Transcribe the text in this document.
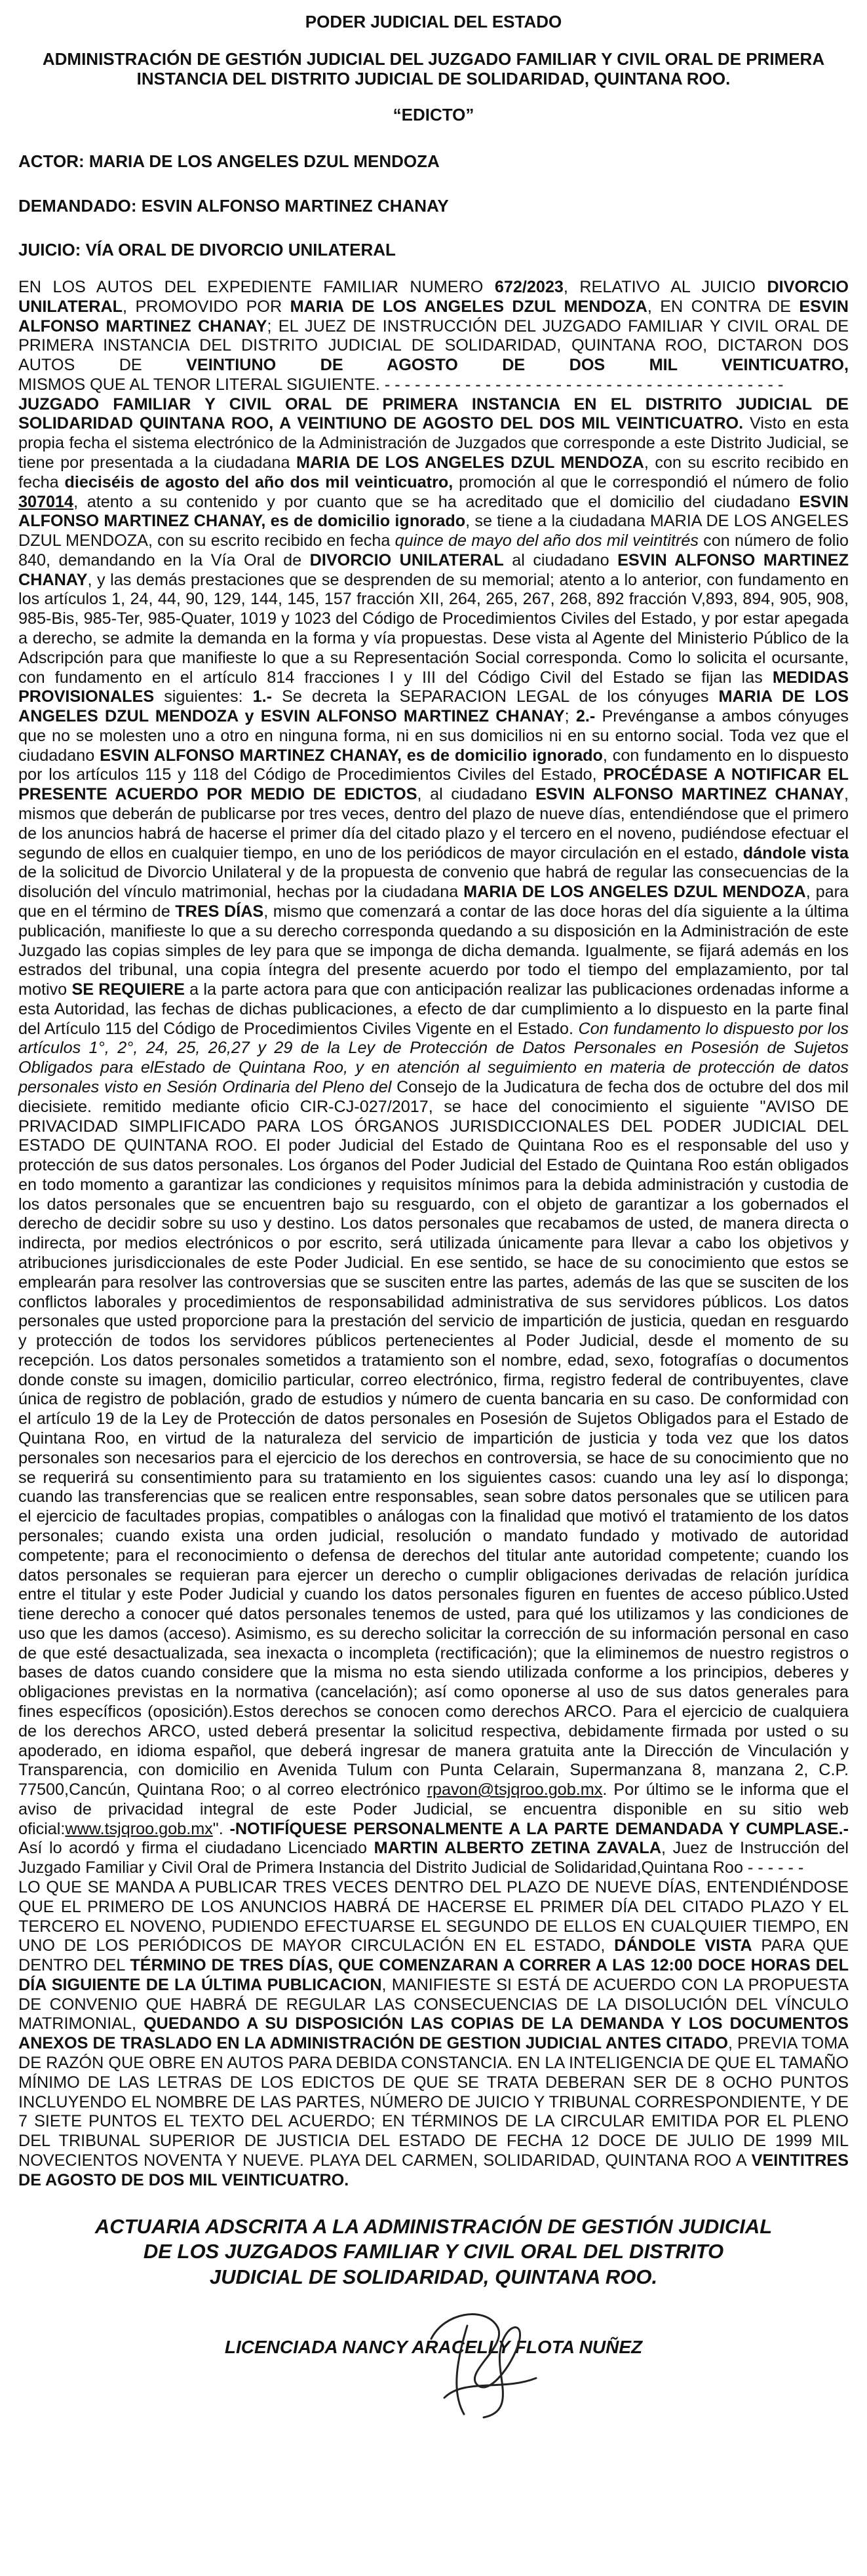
PODER JUDICIAL DEL ESTADO

ADMINISTRACIÓN DE GESTIÓN JUDICIAL DEL JUZGADO FAMILIAR Y CIVIL ORAL DE PRIMERA INSTANCIA DEL DISTRITO JUDICIAL DE SOLIDARIDAD, QUINTANA ROO.

“EDICTO”

ACTOR: MARIA DE LOS ANGELES DZUL MENDOZA

DEMANDADO: ESVIN ALFONSO MARTINEZ CHANAY

JUICIO: VÍA ORAL DE DIVORCIO UNILATERAL

EN LOS AUTOS DEL EXPEDIENTE FAMILIAR NUMERO 672/2023, RELATIVO AL JUICIO DIVORCIO UNILATERAL, PROMOVIDO POR MARIA DE LOS ANGELES DZUL MENDOZA, EN CONTRA DE ESVIN ALFONSO MARTINEZ CHANAY; EL JUEZ DE INSTRUCCIÓN DEL JUZGADO FAMILIAR Y CIVIL ORAL DE PRIMERA INSTANCIA DEL DISTRITO JUDICIAL DE SOLIDARIDAD, QUINTANA ROO, DICTARON DOS AUTOS DE VEINTIUNO DE AGOSTO DE DOS MIL VEINTICUATRO, MISMOS QUE AL TENOR LITERAL SIGUIENTE. - - - - - - - - - - - - - - - - - - - - - - - - - - - - - - - - - - - - - - - -

JUZGADO FAMILIAR Y CIVIL ORAL DE PRIMERA INSTANCIA EN EL DISTRITO JUDICIAL DE SOLIDARIDAD QUINTANA ROO, A VEINTIUNO DE AGOSTO DEL DOS MIL VEINTICUATRO. Visto en esta propia fecha el sistema electrónico de la Administración de Juzgados que corresponde a este Distrito Judicial, se tiene por presentada a la ciudadana MARIA DE LOS ANGELES DZUL MENDOZA, con su escrito recibido en fecha dieciséis de agosto del año dos mil veinticuatro, promoción al que le correspondió el número de folio 307014, atento a su contenido y por cuanto que se ha acreditado que el domicilio del ciudadano ESVIN ALFONSO MARTINEZ CHANAY, es de domicilio ignorado, se tiene a la ciudadana MARIA DE LOS ANGELES DZUL MENDOZA, con su escrito recibido en fecha quince de mayo del año dos mil veintitrés con número de folio 840, demandando en la Vía Oral de DIVORCIO UNILATERAL al ciudadano ESVIN ALFONSO MARTINEZ CHANAY, y las demás prestaciones que se desprenden de su memorial; atento a lo anterior, con fundamento en los artículos 1, 24, 44, 90, 129, 144, 145, 157 fracción XII, 264, 265, 267, 268, 892 fracción V,893, 894, 905, 908, 985-Bis, 985-Ter, 985-Quater, 1019 y 1023 del Código de Procedimientos Civiles del Estado, y por estar apegada a derecho, se admite la demanda en la forma y vía propuestas. Dese vista al Agente del Ministerio Público de la Adscripción para que manifieste lo que a su Representación Social corresponda. Como lo solicita el ocursante, con fundamento en el artículo 814 fracciones I y III del Código Civil del Estado se fijan las MEDIDAS PROVISIONALES siguientes: 1.- Se decreta la SEPARACION LEGAL de los cónyuges MARIA DE LOS ANGELES DZUL MENDOZA y ESVIN ALFONSO MARTINEZ CHANAY; 2.- Prevénganse a ambos cónyuges que no se molesten uno a otro en ninguna forma, ni en sus domicilios ni en su entorno social. Toda vez que el ciudadano ESVIN ALFONSO MARTINEZ CHANAY, es de domicilio ignorado, con fundamento en lo dispuesto por los artículos 115 y 118 del Código de Procedimientos Civiles del Estado, PROCÉDASE A NOTIFICAR EL PRESENTE ACUERDO POR MEDIO DE EDICTOS, al ciudadano ESVIN ALFONSO MARTINEZ CHANAY, mismos que deberán de publicarse por tres veces, dentro del plazo de nueve días, entendiéndose que el primero de los anuncios habrá de hacerse el primer día del citado plazo y el tercero en el noveno, pudiéndose efectuar el segundo de ellos en cualquier tiempo, en uno de los periódicos de mayor circulación en el estado, dándole vista de la solicitud de Divorcio Unilateral y de la propuesta de convenio que habrá de regular las consecuencias de la disolución del vínculo matrimonial, hechas por la ciudadana MARIA DE LOS ANGELES DZUL MENDOZA, para que en el término de TRES DÍAS, mismo que comenzará a contar de las doce horas del día siguiente a la última publicación, manifieste lo que a su derecho corresponda quedando a su disposición en la Administración de este Juzgado las copias simples de ley para que se imponga de dicha demanda. Igualmente, se fijará además en los estrados del tribunal, una copia íntegra del presente acuerdo por todo el tiempo del emplazamiento, por tal motivo SE REQUIERE a la parte actora para que con anticipación realizar las publicaciones ordenadas informe a esta Autoridad, las fechas de dichas publicaciones, a efecto de dar cumplimiento a lo dispuesto en la parte final del Artículo 115 del Código de Procedimientos Civiles Vigente en el Estado. Con fundamento lo dispuesto por los artículos 1°, 2°, 24, 25, 26,27 y 29 de la Ley de Protección de Datos Personales en Posesión de Sujetos Obligados para elEstado de Quintana Roo, y en atención al seguimiento en materia de protección de datos personales visto en Sesión Ordinaria del Pleno del Consejo de la Judicatura de fecha dos de octubre del dos mil diecisiete. remitido mediante oficio CIR-CJ-027/2017, se hace del conocimiento el siguiente "AVISO DE PRIVACIDAD SIMPLIFICADO PARA LOS ÓRGANOS JURISDICCIONALES DEL PODER JUDICIAL DEL ESTADO DE QUINTANA ROO. El poder Judicial del Estado de Quintana Roo es el responsable del uso y protección de sus datos personales. Los órganos del Poder Judicial del Estado de Quintana Roo están obligados en todo momento a garantizar las condiciones y requisitos mínimos para la debida administración y custodia de los datos personales que se encuentren bajo su resguardo, con el objeto de garantizar a los gobernados el derecho de decidir sobre su uso y destino. Los datos personales que recabamos de usted, de manera directa o indirecta, por medios electrónicos o por escrito, será utilizada únicamente para llevar a cabo los objetivos y atribuciones jurisdiccionales de este Poder Judicial. En ese sentido, se hace de su conocimiento que estos se emplearán para resolver las controversias que se susciten entre las partes, además de las que se susciten de los conflictos laborales y procedimientos de responsabilidad administrativa de sus servidores públicos. Los datos personales que usted proporcione para la prestación del servicio de impartición de justicia, quedan en resguardo y protección de todos los servidores públicos pertenecientes al Poder Judicial, desde el momento de su recepción. Los datos personales sometidos a tratamiento son el nombre, edad, sexo, fotografías o documentos donde conste su imagen, domicilio particular, correo electrónico, firma, registro federal de contribuyentes, clave única de registro de población, grado de estudios y número de cuenta bancaria en su caso. De conformidad con el artículo 19 de la Ley de Protección de datos personales en Posesión de Sujetos Obligados para el Estado de Quintana Roo, en virtud de la naturaleza del servicio de impartición de justicia y toda vez que los datos personales son necesarios para el ejercicio de los derechos en controversia, se hace de su conocimiento que no se requerirá su consentimiento para su tratamiento en los siguientes casos: cuando una ley así lo disponga; cuando las transferencias que se realicen entre responsables, sean sobre datos personales que se utilicen para el ejercicio de facultades propias, compatibles o análogas con la finalidad que motivó el tratamiento de los datos personales; cuando exista una orden judicial, resolución o mandato fundado y motivado de autoridad competente; para el reconocimiento o defensa de derechos del titular ante autoridad competente; cuando los datos personales se requieran para ejercer un derecho o cumplir obligaciones derivadas de relación jurídica entre el titular y este Poder Judicial y cuando los datos personales figuren en fuentes de acceso público.Usted tiene derecho a conocer qué datos personales tenemos de usted, para qué los utilizamos y las condiciones de uso que les damos (acceso). Asimismo, es su derecho solicitar la corrección de su información personal en caso de que esté desactualizada, sea inexacta o incompleta (rectificación); que la eliminemos de nuestro registros o bases de datos cuando considere que la misma no esta siendo utilizada conforme a los principios, deberes y obligaciones previstas en la normativa (cancelación); así como oponerse al uso de sus datos generales para fines específicos (oposición).Estos derechos se conocen como derechos ARCO. Para el ejercicio de cualquiera de los derechos ARCO, usted deberá presentar la solicitud respectiva, debidamente firmada por usted o su apoderado, en idioma español, que deberá ingresar de manera gratuita ante la Dirección de Vinculación y Transparencia, con domicilio en Avenida Tulum con Punta Celarain, Supermanzana 8, manzana 2, C.P. 77500,Cancún, Quintana Roo; o al correo electrónico rpavon@tsjqroo.gob.mx. Por último se le informa que el aviso de privacidad integral de este Poder Judicial, se encuentra disponible en su sitio web oficial:www.tsjqroo.gob.mx". -NOTIFÍQUESE PERSONALMENTE A LA PARTE DEMANDADA Y CUMPLASE.- Así lo acordó y firma el ciudadano Licenciado MARTIN ALBERTO ZETINA ZAVALA, Juez de Instrucción del Juzgado Familiar y Civil Oral de Primera Instancia del Distrito Judicial de Solidaridad,Quintana Roo - - - - - -

LO QUE SE MANDA A PUBLICAR TRES VECES DENTRO DEL PLAZO DE NUEVE DÍAS, ENTENDIÉNDOSE QUE EL PRIMERO DE LOS ANUNCIOS HABRÁ DE HACERSE EL PRIMER DÍA DEL CITADO PLAZO Y EL TERCERO EL NOVENO, PUDIENDO EFECTUARSE EL SEGUNDO DE ELLOS EN CUALQUIER TIEMPO, EN UNO DE LOS PERIÓDICOS DE MAYOR CIRCULACIÓN EN EL ESTADO, DÁNDOLE VISTA PARA QUE DENTRO DEL TÉRMINO DE TRES DÍAS, QUE COMENZARAN A CORRER A LAS 12:00 DOCE HORAS DEL DÍA SIGUIENTE DE LA ÚLTIMA PUBLICACION, MANIFIESTE SI ESTÁ DE ACUERDO CON LA PROPUESTA DE CONVENIO QUE HABRÁ DE REGULAR LAS CONSECUENCIAS DE LA DISOLUCIÓN DEL VÍNCULO MATRIMONIAL, QUEDANDO A SU DISPOSICIÓN LAS COPIAS DE LA DEMANDA Y LOS DOCUMENTOS ANEXOS DE TRASLADO EN LA ADMINISTRACIÓN DE GESTION JUDICIAL ANTES CITADO, PREVIA TOMA DE RAZÓN QUE OBRE EN AUTOS PARA DEBIDA CONSTANCIA. EN LA INTELIGENCIA DE QUE EL TAMAÑO MÍNIMO DE LAS LETRAS DE LOS EDICTOS DE QUE SE TRATA DEBERAN SER DE 8 OCHO PUNTOS INCLUYENDO EL NOMBRE DE LAS PARTES, NÚMERO DE JUICIO Y TRIBUNAL CORRESPONDIENTE, Y DE 7 SIETE PUNTOS EL TEXTO DEL ACUERDO; EN TÉRMINOS DE LA CIRCULAR EMITIDA POR EL PLENO DEL TRIBUNAL SUPERIOR DE JUSTICIA DEL ESTADO DE FECHA 12 DOCE DE JULIO DE 1999 MIL NOVECIENTOS NOVENTA Y NUEVE. PLAYA DEL CARMEN, SOLIDARIDAD, QUINTANA ROO A VEINTITRES DE AGOSTO DE DOS MIL VEINTICUATRO.

ACTUARIA ADSCRITA A LA ADMINISTRACIÓN DE GESTIÓN JUDICIAL

DE LOS JUZGADOS FAMILIAR Y CIVIL ORAL DEL DISTRITO

JUDICIAL DE SOLIDARIDAD, QUINTANA ROO.

LICENCIADA NANCY ARACELLY FLOTA NUÑEZ
